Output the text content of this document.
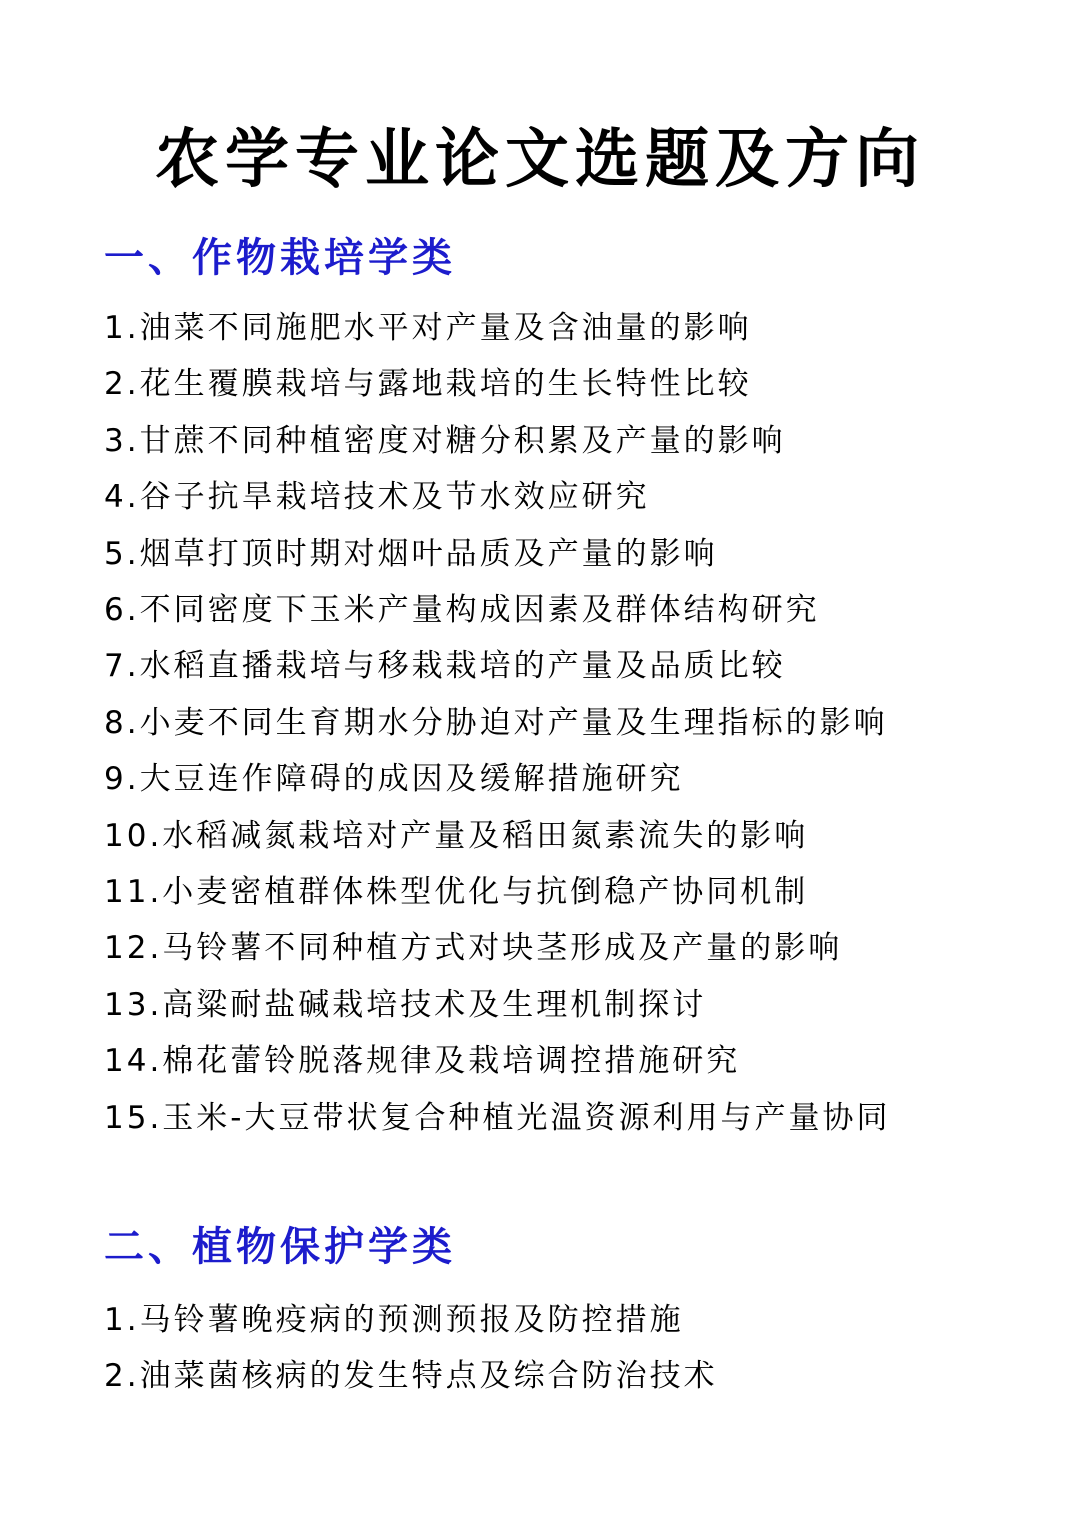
农学专业论文选题及方向
一、作物栽培学类
1.油菜不同施肥水平对产量及含油量的影响
2.花生覆膜栽培与露地栽培的生长特性比较
3.甘蔗不同种植密度对糖分积累及产量的影响
4.谷子抗旱栽培技术及节水效应研究
5.烟草打顶时期对烟叶品质及产量的影响
6.不同密度下玉米产量构成因素及群体结构研究
7.水稻直播栽培与移栽栽培的产量及品质比较
8.小麦不同生育期水分胁迫对产量及生理指标的影响
9.大豆连作障碍的成因及缓解措施研究
10.水稻减氮栽培对产量及稻田氮素流失的影响
11.小麦密植群体株型优化与抗倒稳产协同机制
12.马铃薯不同种植方式对块茎形成及产量的影响
13.高粱耐盐碱栽培技术及生理机制探讨
14.棉花蕾铃脱落规律及栽培调控措施研究
15.玉米-大豆带状复合种植光温资源利用与产量协同
二、植物保护学类
1.马铃薯晚疫病的预测预报及防控措施
2.油菜菌核病的发生特点及综合防治技术
